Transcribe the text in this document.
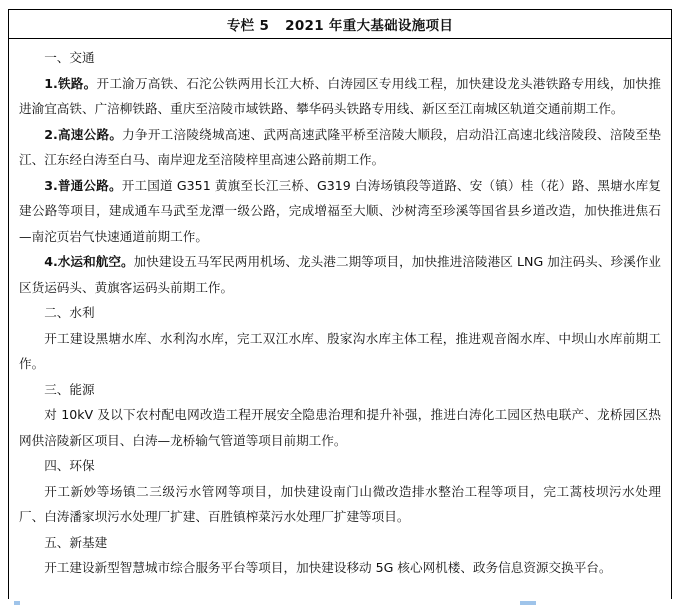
专栏 5 2021 年重大基础设施项目

一、交通

1.铁路。开工渝万高铁、石沱公铁两用长江大桥、白涛园区专用线工程，加快建设龙头港铁路专用线，加快推进渝宜高铁、广涪柳铁路、重庆至涪陵市域铁路、攀华码头铁路专用线、新区至江南城区轨道交通前期工作。

2.高速公路。力争开工涪陵绕城高速、武两高速武隆平桥至涪陵大顺段，启动沿江高速北线涪陵段、涪陵至垫江、江东经白涛至白马、南岸迎龙至涪陵梓里高速公路前期工作。

3.普通公路。开工国道 G351 黄旗至长江三桥、G319 白涛场镇段等道路、安（镇）桂（花）路、黑塘水库复建公路等项目，建成通车马武至龙潭一级公路，完成增福至大顺、沙树湾至珍溪等国省县乡道改造，加快推进焦石—南沱页岩气快速通道前期工作。

4.水运和航空。加快建设五马军民两用机场、龙头港二期等项目，加快推进涪陵港区 LNG 加注码头、珍溪作业区货运码头、黄旗客运码头前期工作。

二、水利

开工建设黑塘水库、水利沟水库，完工双江水库、殷家沟水库主体工程，推进观音阁水库、中坝山水库前期工作。

三、能源

对 10kV 及以下农村配电网改造工程开展安全隐患治理和提升补强，推进白涛化工园区热电联产、龙桥园区热网供涪陵新区项目、白涛—龙桥输气管道等项目前期工作。

四、环保

开工新妙等场镇二三级污水管网等项目，加快建设南门山微改造排水整治工程等项目，完工蒿枝坝污水处理厂、白涛潘家坝污水处理厂扩建、百胜镇榨菜污水处理厂扩建等项目。

五、新基建

开工建设新型智慧城市综合服务平台等项目，加快建设移动 5G 核心网机楼、政务信息资源交换平台。
